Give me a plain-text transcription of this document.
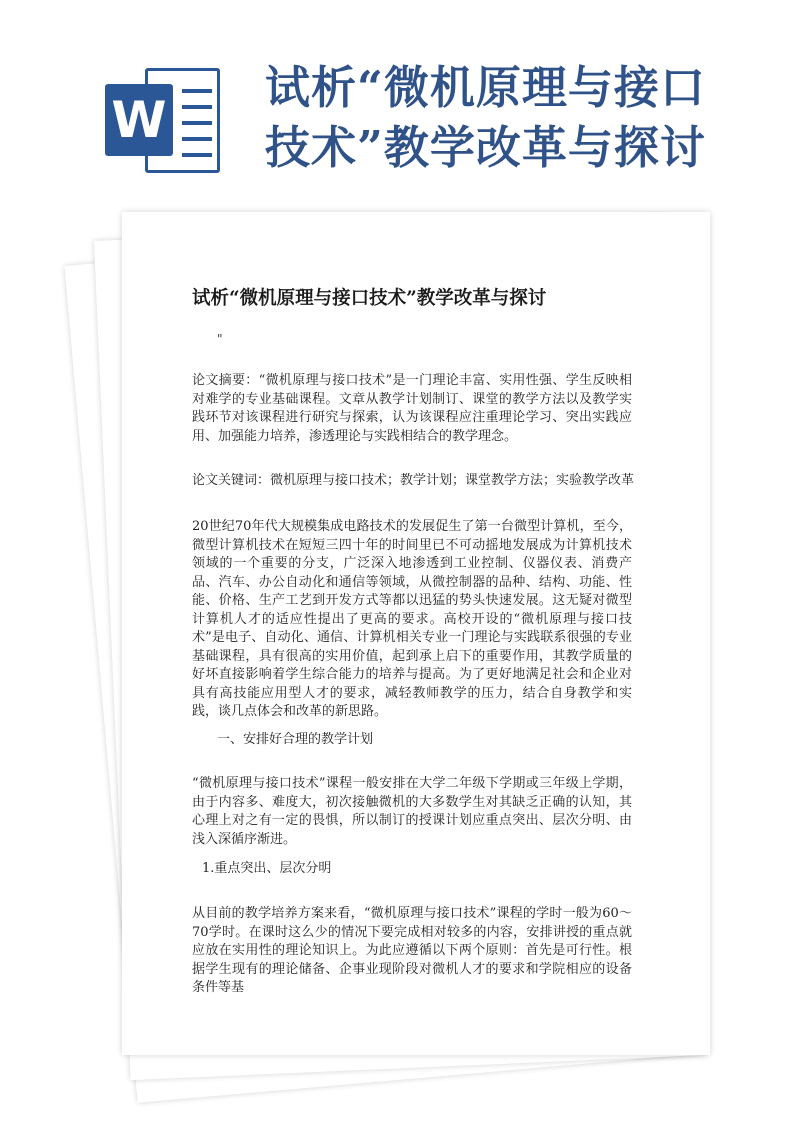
W
试析“微机原理与接口
技术”教学改革与探讨
试析“微机原理与接口技术”教学改革与探讨
"

论文摘要：“微机原理与接口技术”是一门理论丰富、实用性强、学生反映相对难学的专业基础课程。文章从教学计划制订、课堂的教学方法以及教学实践环节对该课程进行研究与探索，认为该课程应注重理论学习、突出实践应用、加强能力培养，渗透理论与实践相结合的教学理念。

论文关键词：微机原理与接口技术；教学计划；课堂教学方法；实验教学改革

20世纪70年代大规模集成电路技术的发展促生了第一台微型计算机，至今，微型计算机技术在短短三四十年的时间里已不可动摇地发展成为计算机技术领域的一个重要的分支，广泛深入地渗透到工业控制、仪器仪表、消费产品、汽车、办公自动化和通信等领域，从微控制器的品种、结构、功能、性能、价格、生产工艺到开发方式等都以迅猛的势头快速发展。这无疑对微型计算机人才的适应性提出了更高的要求。高校开设的“微机原理与接口技术”是电子、自动化、通信、计算机相关专业一门理论与实践联系很强的专业基础课程，具有很高的实用价值，起到承上启下的重要作用，其教学质量的好坏直接影响着学生综合能力的培养与提高。为了更好地满足社会和企业对具有高技能应用型人才的要求，减轻教师教学的压力，结合自身教学和实践，谈几点体会和改革的新思路。

一、安排好合理的教学计划

“微机原理与接口技术”课程一般安排在大学二年级下学期或三年级上学期，由于内容多、难度大，初次接触微机的大多数学生对其缺乏正确的认知，其心理上对之有一定的畏惧，所以制订的授课计划应重点突出、层次分明、由浅入深循序渐进。

1.重点突出、层次分明

从目前的教学培养方案来看，“微机原理与接口技术”课程的学时一般为60～70学时。在课时这么少的情况下要完成相对较多的内容，安排讲授的重点就应放在实用性的理论知识上。为此应遵循以下两个原则：首先是可行性。根据学生现有的理论储备、企事业现阶段对微机人才的要求和学院相应的设备条件等基
